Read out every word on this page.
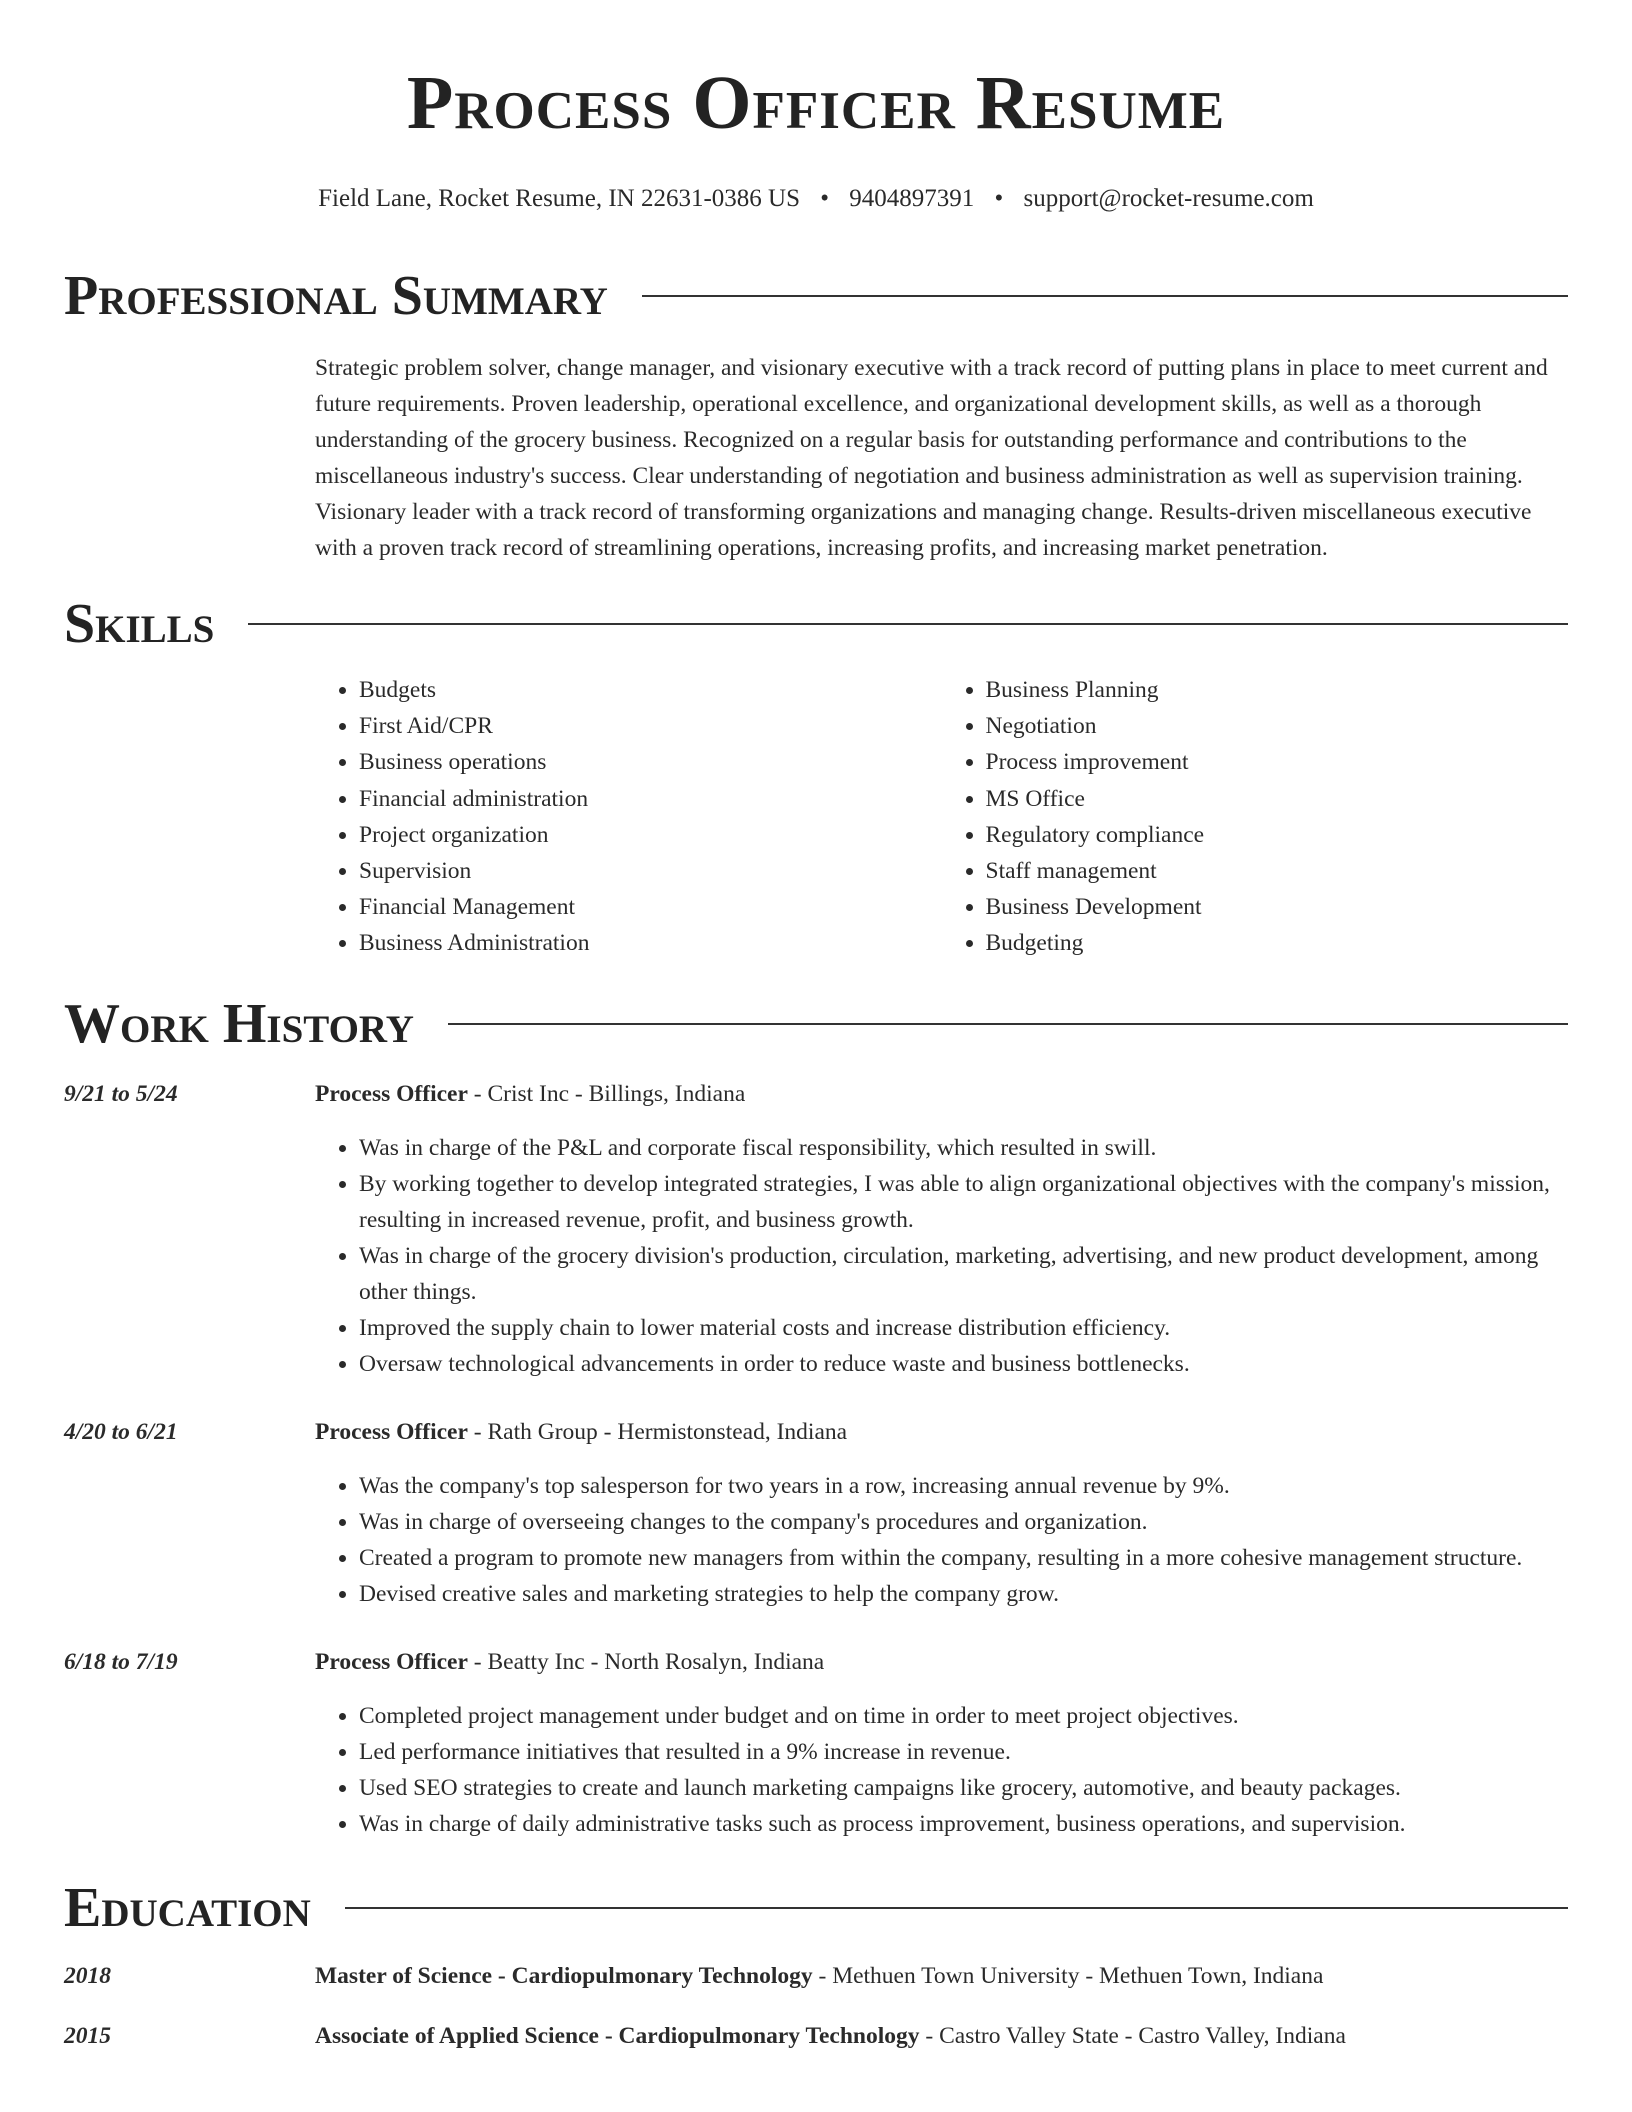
Process Officer Resume
Field Lane, Rocket Resume, IN 22631-0386 US • 9404897391 • support@rocket-resume.com
Professional Summary

Strategic problem solver, change manager, and visionary executive with a track record of putting plans in place to meet current and future requirements. Proven leadership, operational excellence, and organizational development skills, as well as a thorough understanding of the grocery business. Recognized on a regular basis for outstanding performance and contributions to the miscellaneous industry's success. Clear understanding of negotiation and business administration as well as supervision training. Visionary leader with a track record of transforming organizations and managing change. Results-driven miscellaneous executive with a proven track record of streamlining operations, increasing profits, and increasing market penetration.

Skills
• Budgets
• First Aid/CPR
• Business operations
• Financial administration
• Project organization
• Supervision
• Financial Management
• Business Administration
• Business Planning
• Negotiation
• Process improvement
• MS Office
• Regulatory compliance
• Staff management
• Business Development
• Budgeting
Work History
9/21 to 5/24	Process Officer - Crist Inc - Billings, Indiana
• Was in charge of the P&L and corporate fiscal responsibility, which resulted in swill.
• By working together to develop integrated strategies, I was able to align organizational objectives with the company's mission, resulting in increased revenue, profit, and business growth.
• Was in charge of the grocery division's production, circulation, marketing, advertising, and new product development, among other things.
• Improved the supply chain to lower material costs and increase distribution efficiency.
• Oversaw technological advancements in order to reduce waste and business bottlenecks.
4/20 to 6/21	Process Officer - Rath Group - Hermistonstead, Indiana
• Was the company's top salesperson for two years in a row, increasing annual revenue by 9%.
• Was in charge of overseeing changes to the company's procedures and organization.
• Created a program to promote new managers from within the company, resulting in a more cohesive management structure.
• Devised creative sales and marketing strategies to help the company grow.
6/18 to 7/19	Process Officer - Beatty Inc - North Rosalyn, Indiana
• Completed project management under budget and on time in order to meet project objectives.
• Led performance initiatives that resulted in a 9% increase in revenue.
• Used SEO strategies to create and launch marketing campaigns like grocery, automotive, and beauty packages.
• Was in charge of daily administrative tasks such as process improvement, business operations, and supervision.
Education
2018	Master of Science - Cardiopulmonary Technology - Methuen Town University - Methuen Town, Indiana
2015	Associate of Applied Science - Cardiopulmonary Technology - Castro Valley State - Castro Valley, Indiana
